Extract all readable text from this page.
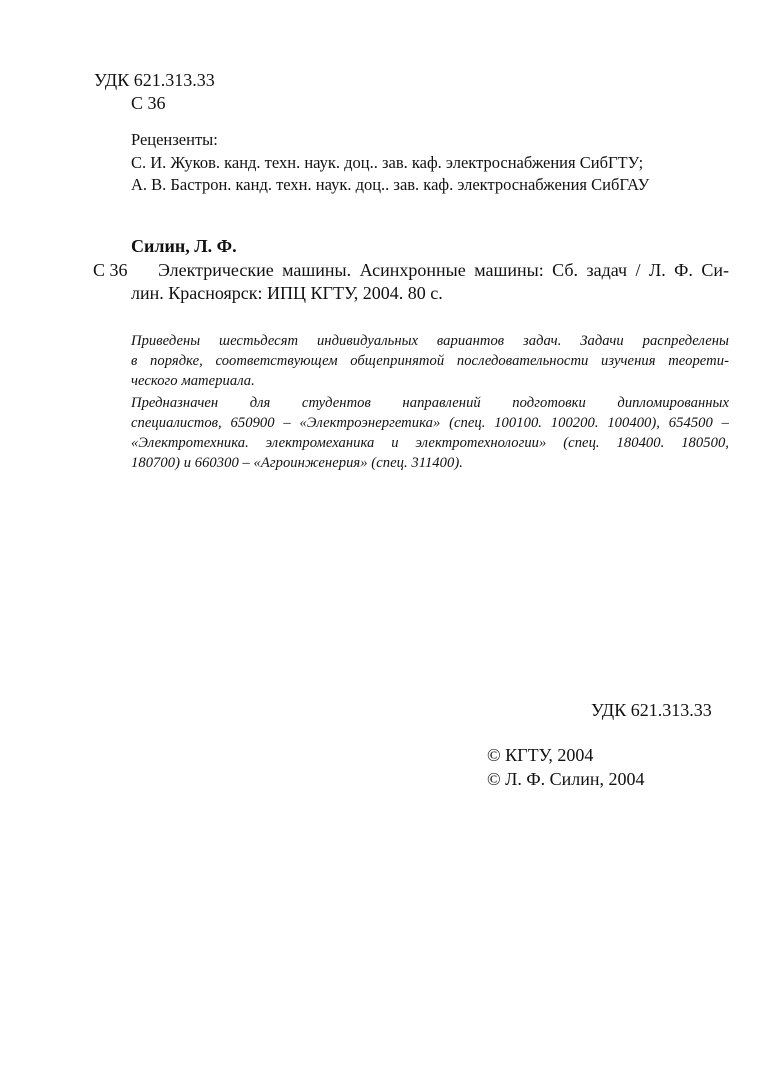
УДК 621.313.33
С 36
Рецензенты:
С. И. Жуков. канд. техн. наук. доц.. зав. каф. электроснабжения СибГТУ;
А. В. Бастрон. канд. техн. наук. доц.. зав. каф. электроснабжения СибГАУ
Силин, Л. Ф.
С 36 Электрические машины. Асинхронные машины: Сб. задач / Л. Ф. Си-
лин. Красноярск: ИПЦ КГТУ, 2004. 80 с.
Приведены шестьдесят индивидуальных вариантов задач. Задачи распределены
в порядке, соответствующем общепринятой последовательности изучения теорети-
ческого материала.
Предназначен для студентов направлений подготовки дипломированных
специалистов, 650900 – «Электроэнергетика» (спец. 100100. 100200. 100400), 654500 –
«Электротехника. электромеханика и электротехнологии» (спец. 180400. 180500,
180700) и 660300 – «Агроинженерия» (спец. 311400).
УДК 621.313.33
© КГТУ, 2004
© Л. Ф. Силин, 2004
